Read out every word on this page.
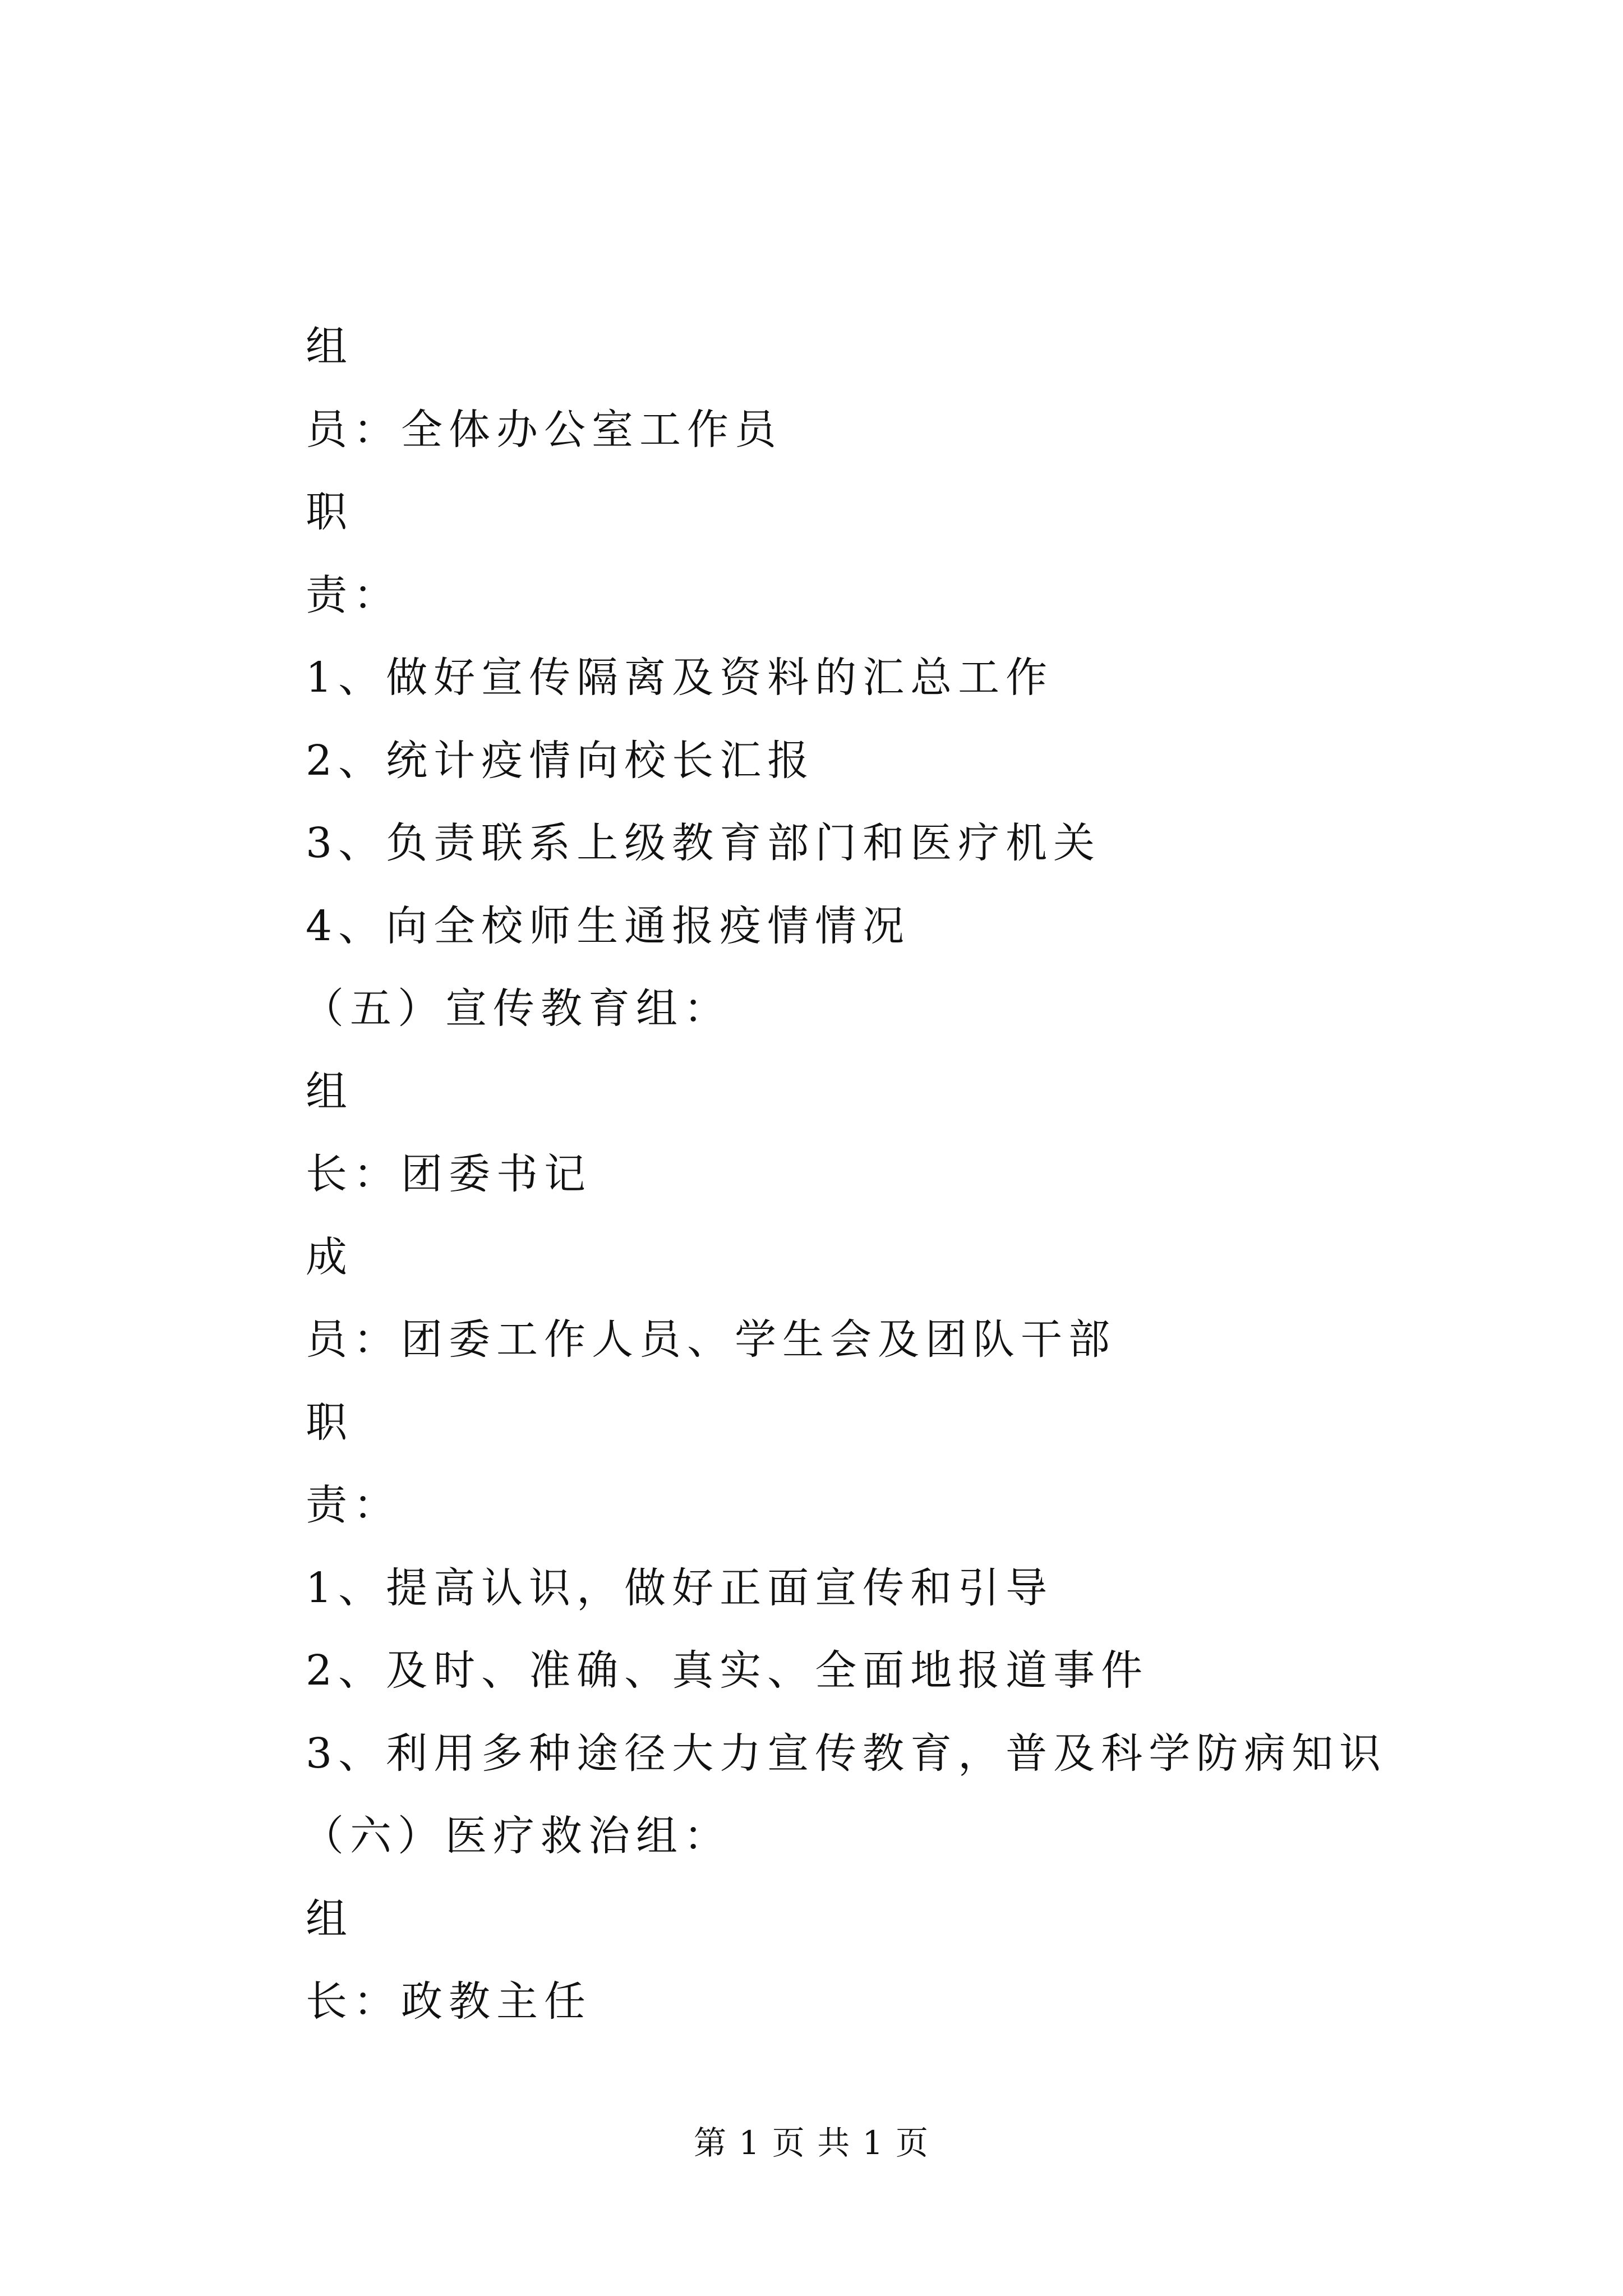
组
员：全体办公室工作员
职
责：
1、做好宣传隔离及资料的汇总工作
2、统计疫情向校长汇报
3、负责联系上级教育部门和医疗机关
4、向全校师生通报疫情情况
（五）宣传教育组：
组
长：团委书记
成
员：团委工作人员、学生会及团队干部
职
责：
1、提高认识，做好正面宣传和引导
2、及时、准确、真实、全面地报道事件
3、利用多种途径大力宣传教育，普及科学防病知识
（六）医疗救治组：
组
长：政教主任
第 1 页 共 1 页
